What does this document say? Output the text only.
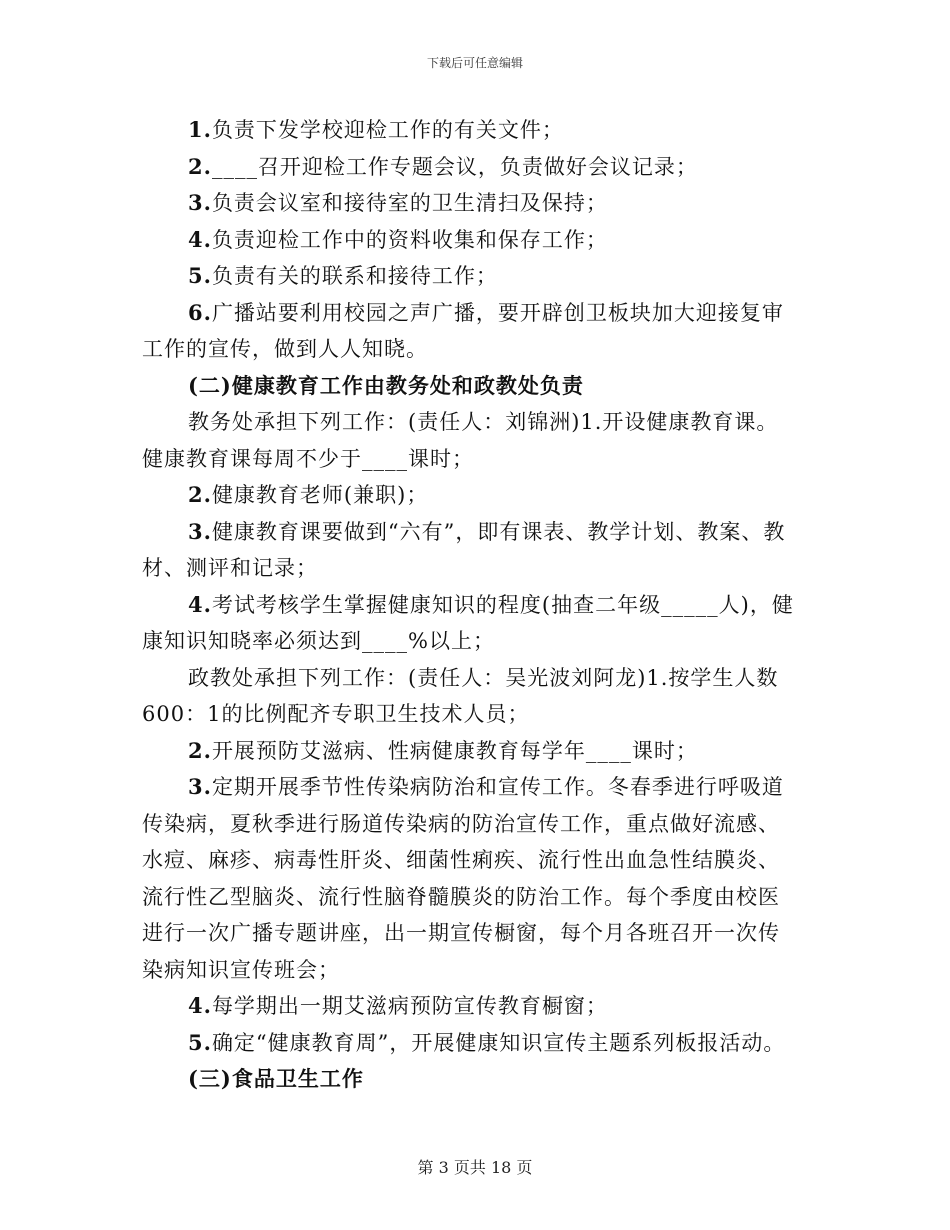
下载后可任意编辑

1.负责下发学校迎检工作的有关文件；

2.____召开迎检工作专题会议，负责做好会议记录；

3.负责会议室和接待室的卫生清扫及保持；

4.负责迎检工作中的资料收集和保存工作；

5.负责有关的联系和接待工作；

6.广播站要利用校园之声广播，要开辟创卫板块加大迎接复审工作的宣传，做到人人知晓。

(二)健康教育工作由教务处和政教处负责

教务处承担下列工作：(责任人：刘锦洲)1.开设健康教育课。健康教育课每周不少于____课时；

2.健康教育老师(兼职)；

3.健康教育课要做到“六有”，即有课表、教学计划、教案、教材、测评和记录；

4.考试考核学生掌握健康知识的程度(抽查二年级_____人)，健康知识知晓率必须达到____%以上；

政教处承担下列工作：(责任人：吴光波刘阿龙)1.按学生人数600：1的比例配齐专职卫生技术人员；

2.开展预防艾滋病、性病健康教育每学年____课时；

3.定期开展季节性传染病防治和宣传工作。冬春季进行呼吸道传染病，夏秋季进行肠道传染病的防治宣传工作，重点做好流感、水痘、麻疹、病毒性肝炎、细菌性痢疾、流行性出血急性结膜炎、流行性乙型脑炎、流行性脑脊髓膜炎的防治工作。每个季度由校医进行一次广播专题讲座，出一期宣传橱窗，每个月各班召开一次传染病知识宣传班会；

4.每学期出一期艾滋病预防宣传教育橱窗；

5.确定“健康教育周”，开展健康知识宣传主题系列板报活动。

(三)食品卫生工作

第 3 页共 18 页
